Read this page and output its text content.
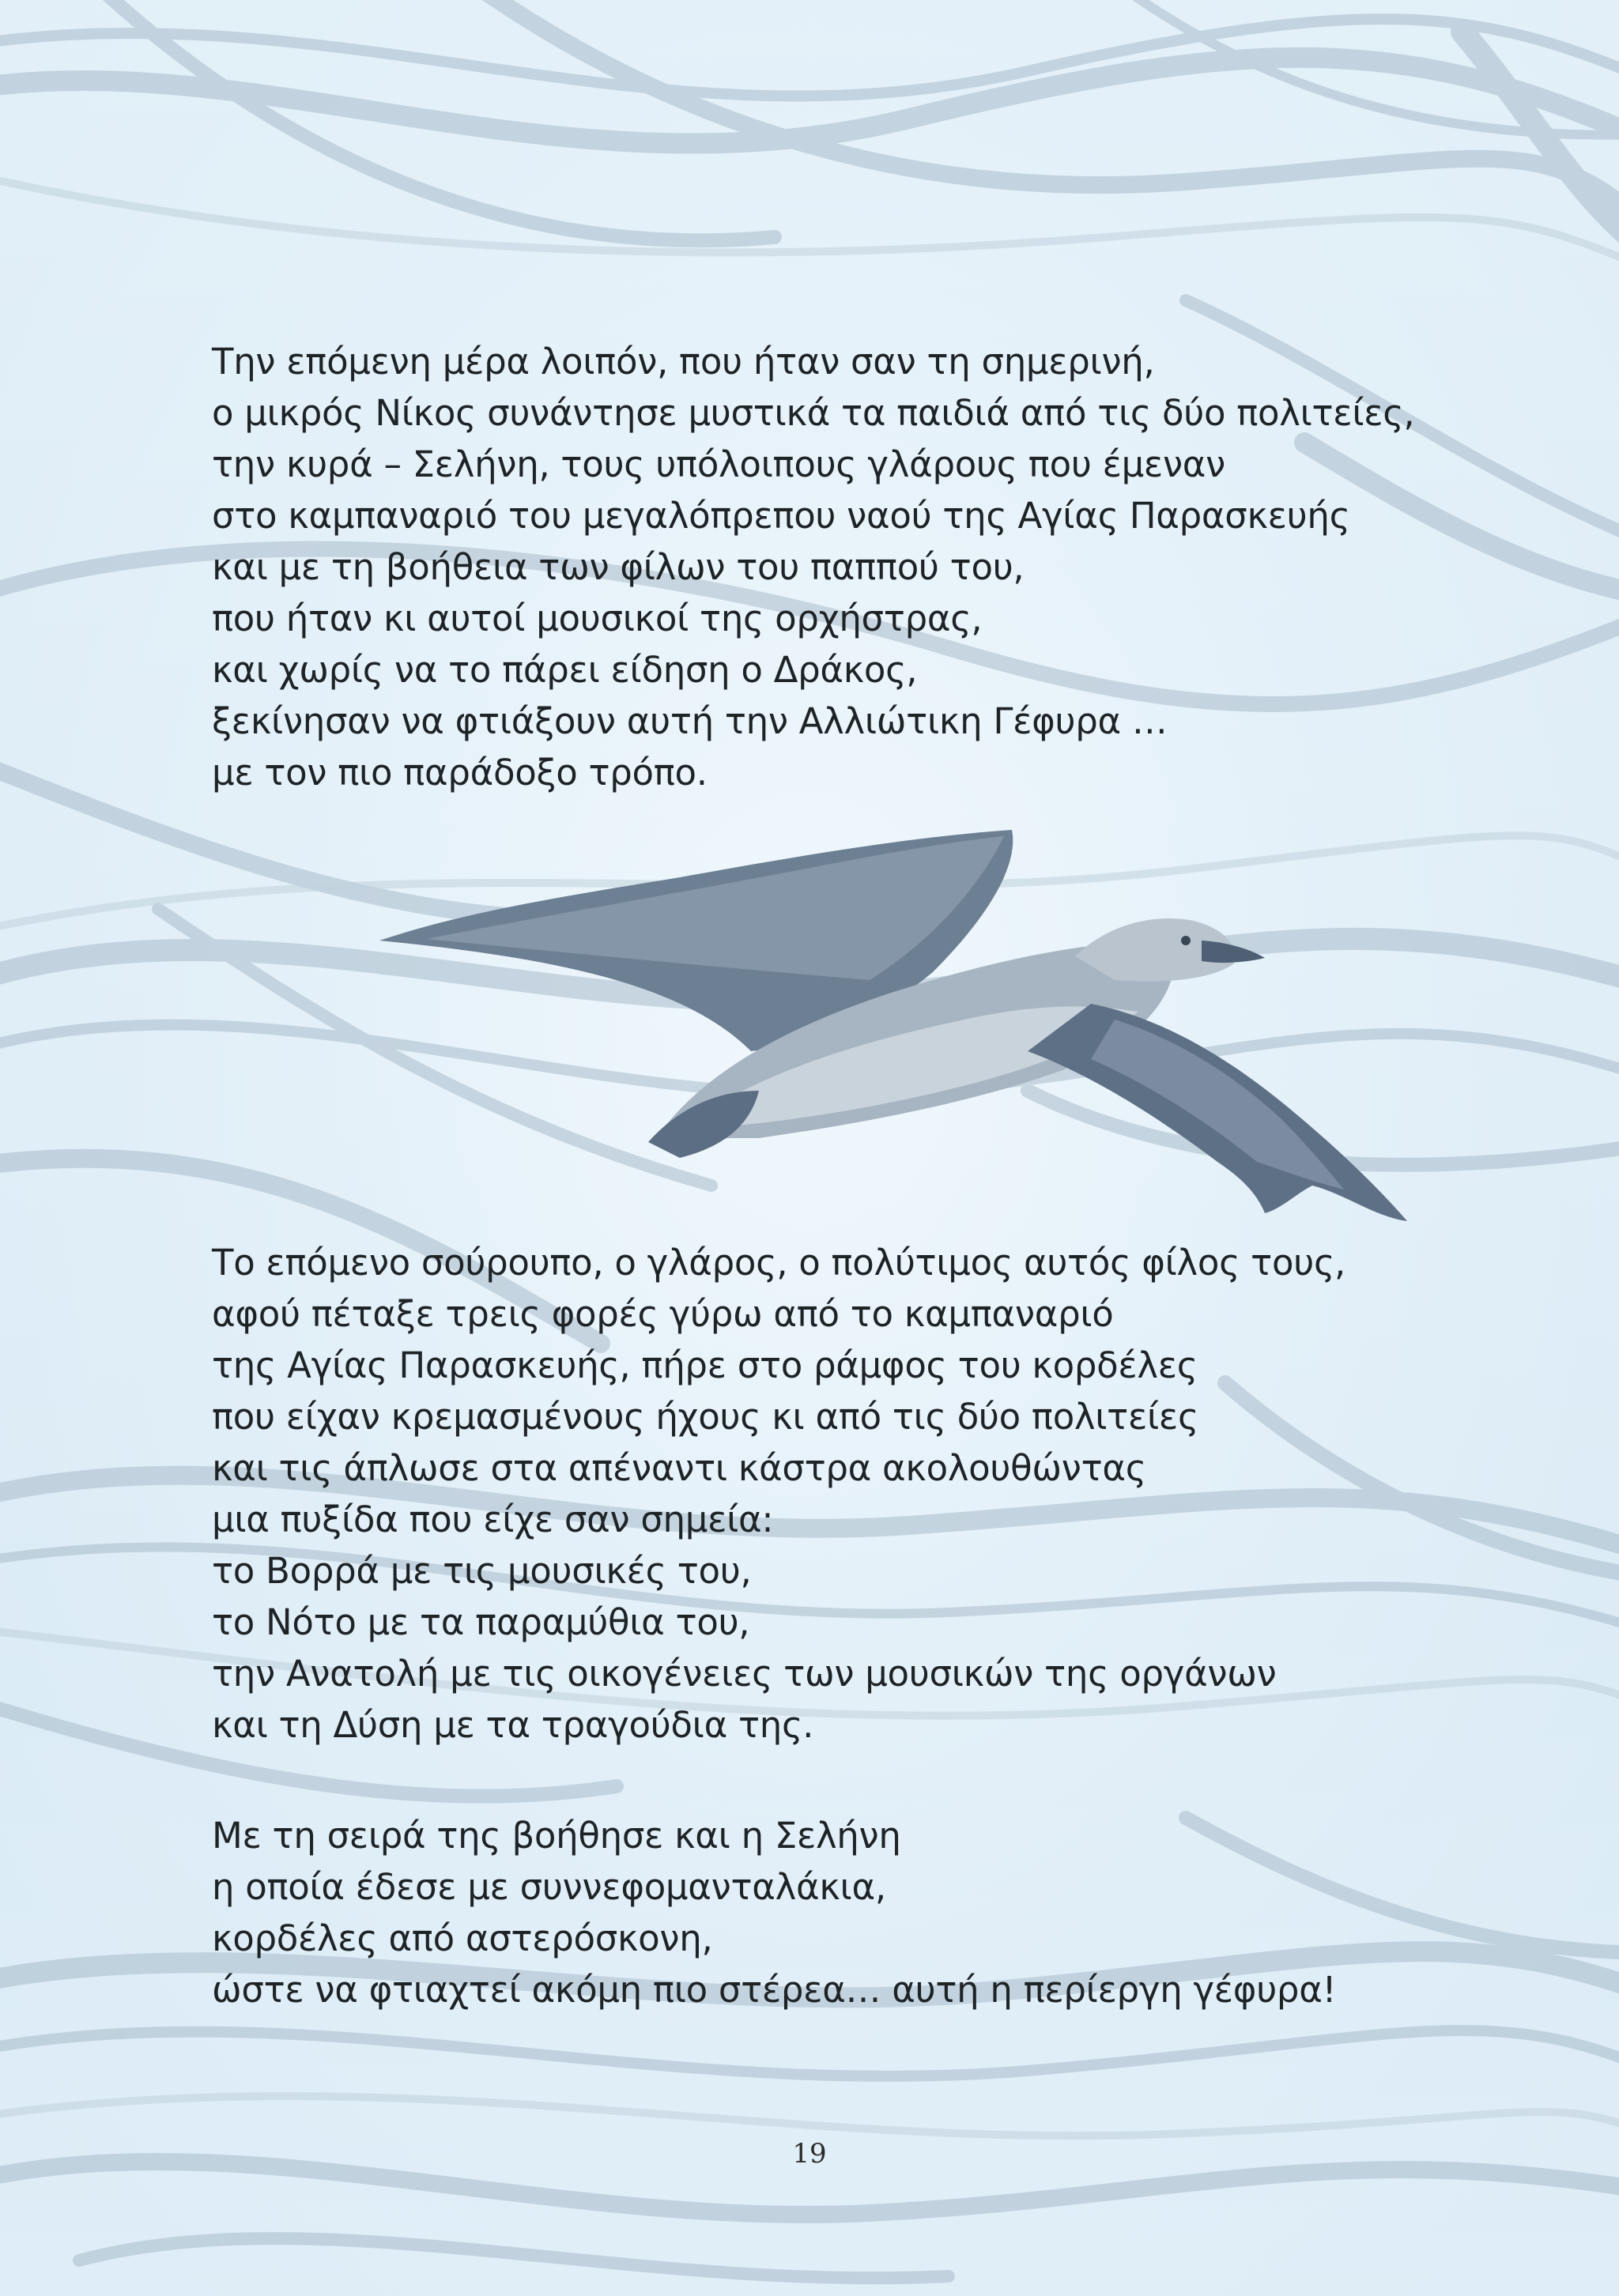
Την επόμενη μέρα λοιπόν, που ήταν σαν τη σημερινή,
ο μικρός Νίκος συνάντησε μυστικά τα παιδιά από τις δύο πολιτείες,
την κυρά – Σελήνη, τους υπόλοιπους γλάρους που έμεναν
στο καμπαναριό του μεγαλόπρεπου ναού της Αγίας Παρασκευής
και με τη βοήθεια των φίλων του παππού του,
που ήταν κι αυτοί μουσικοί της ορχήστρας,
και χωρίς να το πάρει είδηση ο Δράκος,
ξεκίνησαν να φτιάξουν αυτή την Αλλιώτικη Γέφυρα …
με τον πιο παράδοξο τρόπο.
Το επόμενο σούρουπο, ο γλάρος, ο πολύτιμος αυτός φίλος τους,
αφού πέταξε τρεις φορές γύρω από το καμπαναριό
της Αγίας Παρασκευής, πήρε στο ράμφος του κορδέλες
που είχαν κρεμασμένους ήχους κι από τις δύο πολιτείες
και τις άπλωσε στα απέναντι κάστρα ακολουθώντας
μια πυξίδα που είχε σαν σημεία:
το Βορρά με τις μουσικές του,
το Νότο με τα παραμύθια του,
την Ανατολή με τις οικογένειες των μουσικών της οργάνων
και τη Δύση με τα τραγούδια της.
Με τη σειρά της βοήθησε και η Σελήνη
η οποία έδεσε με συννεφομανταλάκια,
κορδέλες από αστερόσκονη,
ώστε να φτιαχτεί ακόμη πιο στέρεα… αυτή η περίεργη γέφυρα!
19
